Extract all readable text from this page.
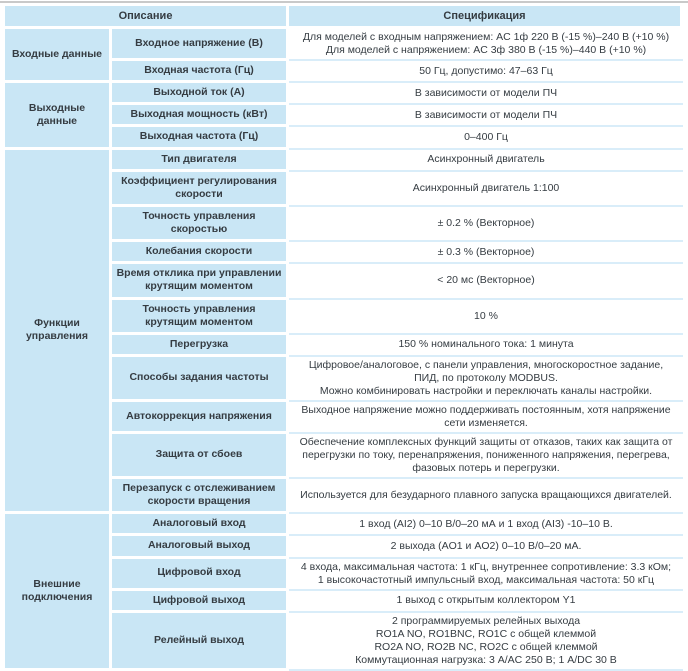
Описание		Спецификация
Входные данные	Входное напряжение (В)	Для моделей с входным напряжением: AC 1ф 220 В (-15 %)–240 В (+10 %)
Для моделей с напряжением: AC 3ф 380 В (-15 %)–440 В (+10 %)

	Входная частота (Гц)	50 Гц, допустимо: 47–63 Гц

Выходные данные	Выходной ток (А)	В зависимости от модели ПЧ

	Выходная мощность (кВт)	В зависимости от модели ПЧ

	Выходная частота (Гц)	0–400 Гц

Функции управления	Тип двигателя	Асинхронный двигатель

	Коэффициент регулирования скорости	Асинхронный двигатель 1:100

	Точность управления скоростью	± 0.2 % (Векторное)

	Колебания скорости	± 0.3 % (Векторное)

	Время отклика при управлении крутящим моментом	< 20 мс (Векторное)

	Точность управления крутящим моментом	10 %

	Перегрузка	150 % номинального тока: 1 минута

	Способы задания частоты	Цифровое/аналоговое, с панели управления, многоскоростное задание,
ПИД, по протоколу MODBUS.
Можно комбинировать настройки и переключать каналы настройки.

	Автокоррекция напряжения	Выходное напряжение можно поддерживать постоянным, хотя напряжение
сети изменяется.

	Защита от сбоев	Обеспечение комплексных функций защиты от отказов, таких как защита от
перегрузки по току, перенапряжения, пониженного напряжения, перегрева,
фазовых потерь и перегрузки.

	Перезапуск с отслеживанием скорости вращения	Используется для безударного плавного запуска вращающихся двигателей.

Внешние подключения	Аналоговый вход	1 вход (AI2) 0–10 В/0–20 мА и 1 вход (AI3) -10–10 В.

	Аналоговый выход	2 выхода (AO1 и AO2) 0–10 В/0–20 мА.

	Цифровой вход	4 входа, максимальная частота: 1 кГц, внутреннее сопротивление: 3.3 кОм;
1 высокочастотный импульсный вход, максимальная частота: 50 кГц

	Цифровой выход	1 выход с открытым коллектором Y1

	Релейный выход	2 программируемых релейных выхода
RO1A NO, RO1BNC, RO1C с общей клеммой
RO2A NO, RO2B NC, RO2C с общей клеммой
Коммутационная нагрузка: 3 А/AC 250 В; 1 А/DC 30 В
